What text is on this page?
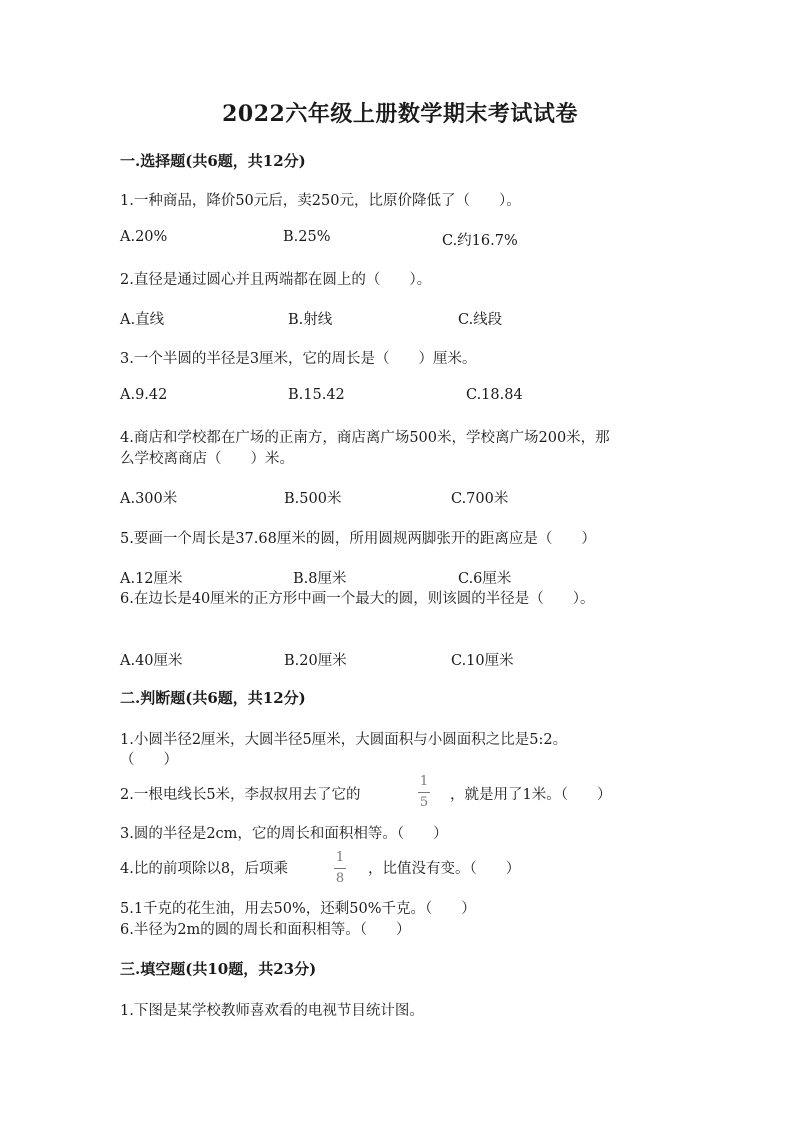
2022六年级上册数学期末考试试卷
一.选择题(共6题，共12分)
1.一种商品，降价50元后，卖250元，比原价降低了（　　）。
A.20%	B.25%	C.约16.7%
2.直径是通过圆心并且两端都在圆上的（　　）。
A.直线	B.射线	C.线段
3.一个半圆的半径是3厘米，它的周长是（　　）厘米。
A.9.42	B.15.42	C.18.84
4.商店和学校都在广场的正南方，商店离广场500米，学校离广场200米，那
么学校离商店（　　）米。
A.300米	B.500米	C.700米
5.要画一个周长是37.68厘米的圆，所用圆规两脚张开的距离应是（　　）
A.12厘米	B.8厘米	C.6厘米
6.在边长是40厘米的正方形中画一个最大的圆，则该圆的半径是（　　）。
A.40厘米	B.20厘米	C.10厘米
二.判断题(共6题，共12分)
1.小圆半径2厘米，大圆半径5厘米，大圆面积与小圆面积之比是5:2。
（　　）
2.一根电线长5米，李叔叔用去了它的
1
5	，就是用了1米。（　　）
3.圆的半径是2cm，它的周长和面积相等。（　　）
4.比的前项除以8，后项乘
1
8
，比值没有变。（　　）
5.1千克的花生油，用去50%，还剩50%千克。（　　）
6.半径为2m的圆的周长和面积相等。（　　）
三.填空题(共10题，共23分)
1.下图是某学校教师喜欢看的电视节目统计图。
